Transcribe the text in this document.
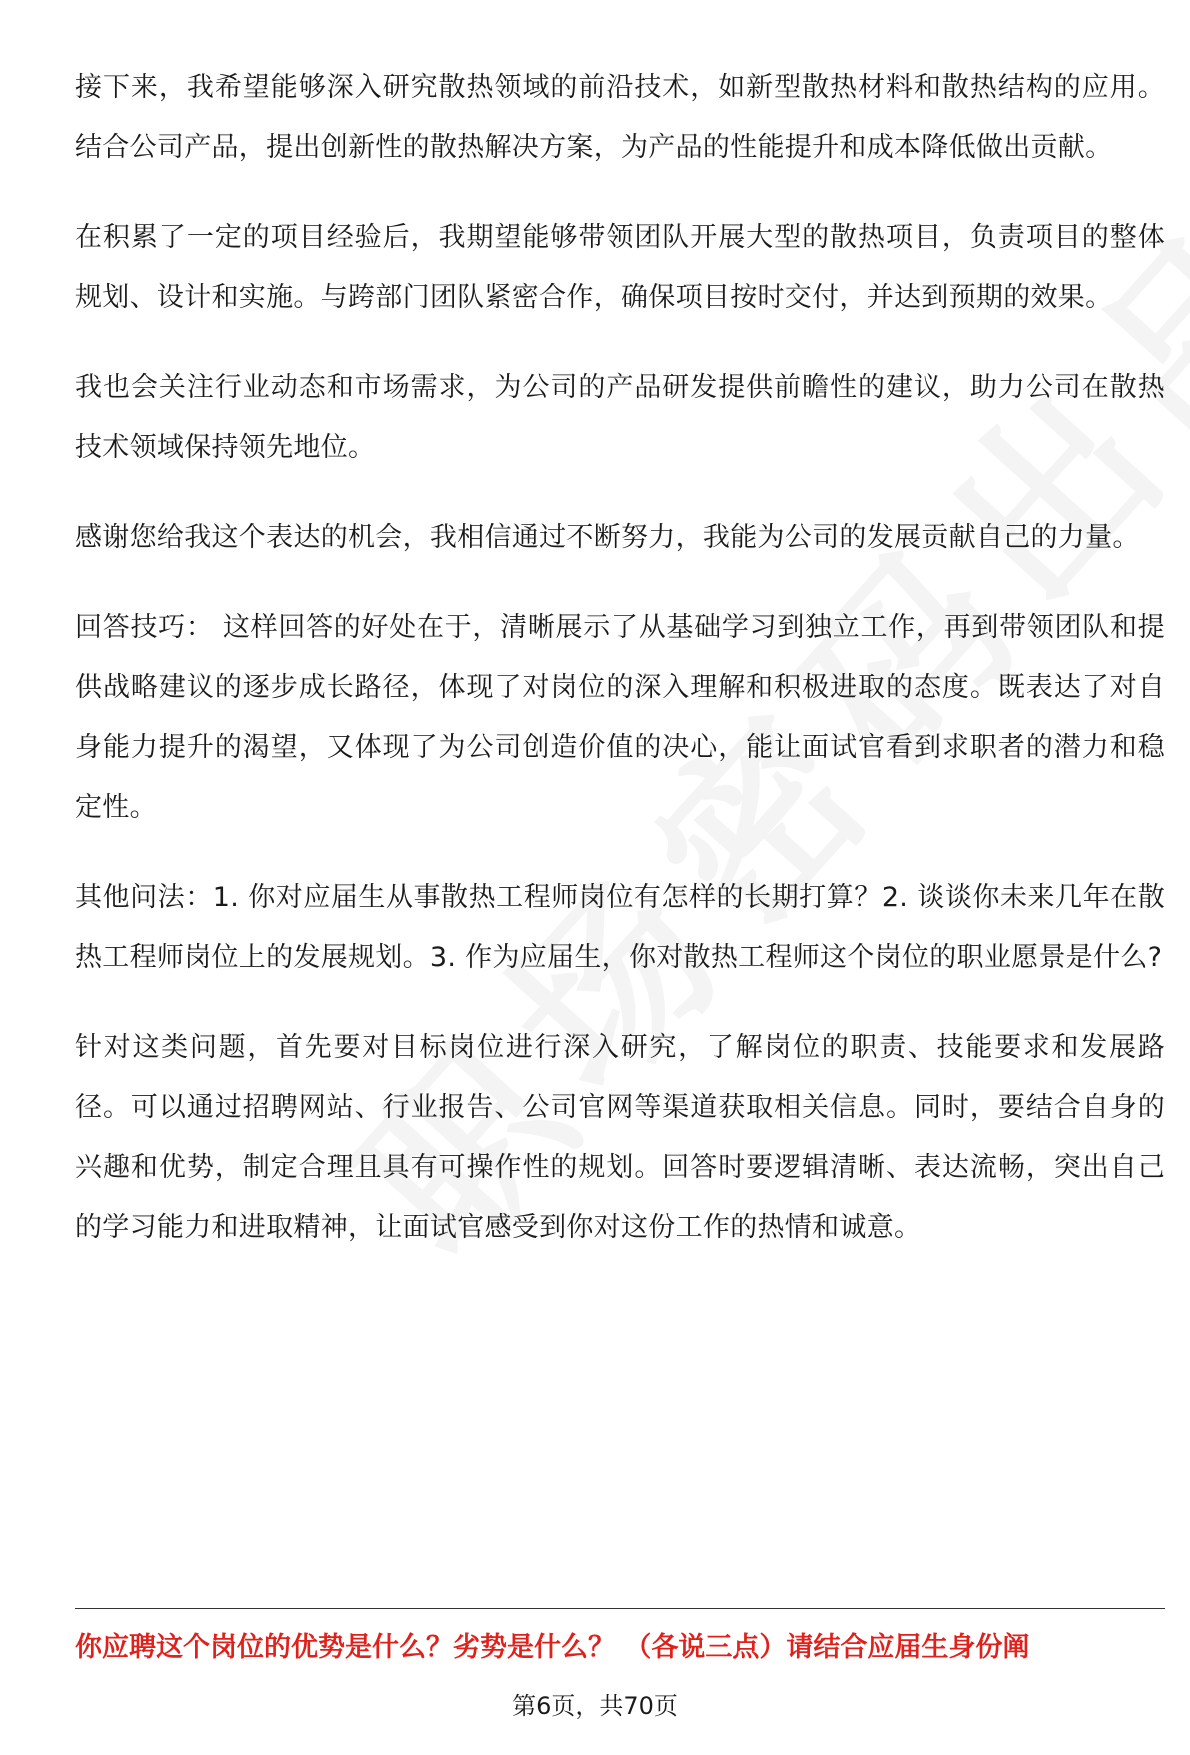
接下来，我希望能够深入研究散热领域的前沿技术，如新型散热材料和散热结构的应用。结合公司产品，提出创新性的散热解决方案，为产品的性能提升和成本降低做出贡献。

在积累了一定的项目经验后，我期望能够带领团队开展大型的散热项目，负责项目的整体规划、设计和实施。与跨部门团队紧密合作，确保项目按时交付，并达到预期的效果。

我也会关注行业动态和市场需求，为公司的产品研发提供前瞻性的建议，助力公司在散热技术领域保持领先地位。

感谢您给我这个表达的机会，我相信通过不断努力，我能为公司的发展贡献自己的力量。

回答技巧： 这样回答的好处在于，清晰展示了从基础学习到独立工作，再到带领团队和提供战略建议的逐步成长路径，体现了对岗位的深入理解和积极进取的态度。既表达了对自身能力提升的渴望，又体现了为公司创造价值的决心，能让面试官看到求职者的潜力和稳定性。

其他问法：1. 你对应届生从事散热工程师岗位有怎样的长期打算？2. 谈谈你未来几年在散热工程师岗位上的发展规划。3. 作为应届生，你对散热工程师这个岗位的职业愿景是什么?

针对这类问题，首先要对目标岗位进行深入研究，了解岗位的职责、技能要求和发展路径。可以通过招聘网站、行业报告、公司官网等渠道获取相关信息。同时，要结合自身的兴趣和优势，制定合理且具有可操作性的规划。回答时要逻辑清晰、表达流畅，突出自己的学习能力和进取精神，让面试官感受到你对这份工作的热情和诚意。

你应聘这个岗位的优势是什么？劣势是什么？ （各说三点）请结合应届生身份阐
第6页，共70页
